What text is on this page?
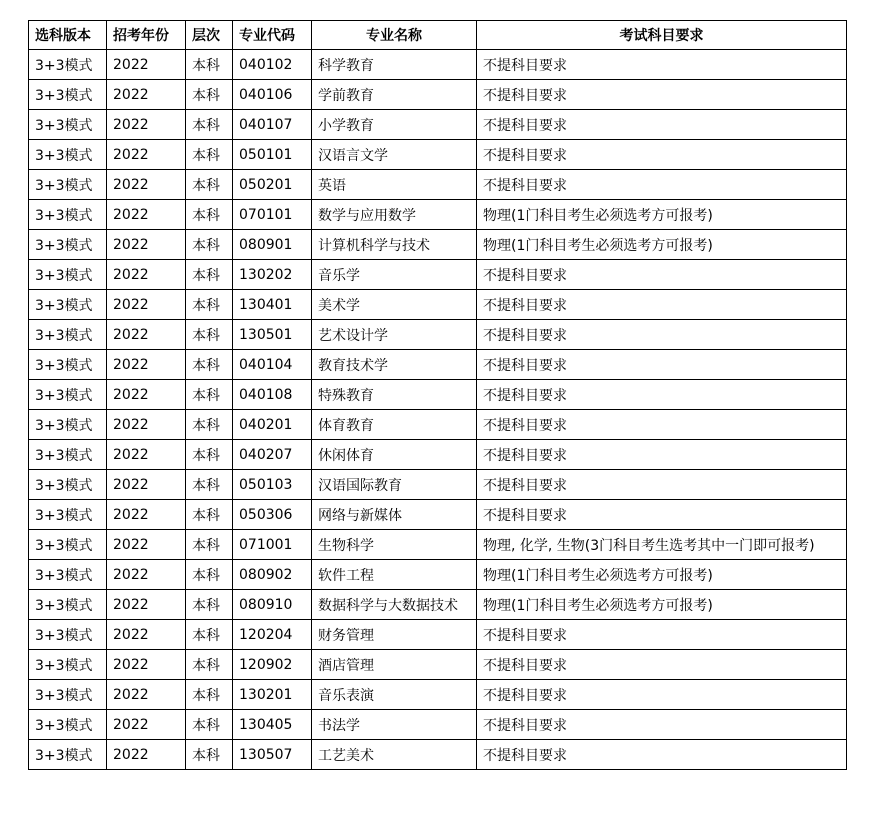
选科版本	招考年份	层次	专业代码	专业名称	考试科目要求
3+3模式	2022	本科	040102	科学教育	不提科目要求
3+3模式	2022	本科	040106	学前教育	不提科目要求
3+3模式	2022	本科	040107	小学教育	不提科目要求
3+3模式	2022	本科	050101	汉语言文学	不提科目要求
3+3模式	2022	本科	050201	英语	不提科目要求
3+3模式	2022	本科	070101	数学与应用数学	物理(1门科目考生必须选考方可报考)
3+3模式	2022	本科	080901	计算机科学与技术	物理(1门科目考生必须选考方可报考)
3+3模式	2022	本科	130202	音乐学	不提科目要求
3+3模式	2022	本科	130401	美术学	不提科目要求
3+3模式	2022	本科	130501	艺术设计学	不提科目要求
3+3模式	2022	本科	040104	教育技术学	不提科目要求
3+3模式	2022	本科	040108	特殊教育	不提科目要求
3+3模式	2022	本科	040201	体育教育	不提科目要求
3+3模式	2022	本科	040207	休闲体育	不提科目要求
3+3模式	2022	本科	050103	汉语国际教育	不提科目要求
3+3模式	2022	本科	050306	网络与新媒体	不提科目要求
3+3模式	2022	本科	071001	生物科学	物理, 化学, 生物(3门科目考生选考其中一门即可报考)
3+3模式	2022	本科	080902	软件工程	物理(1门科目考生必须选考方可报考)
3+3模式	2022	本科	080910	数据科学与大数据技术	物理(1门科目考生必须选考方可报考)
3+3模式	2022	本科	120204	财务管理	不提科目要求
3+3模式	2022	本科	120902	酒店管理	不提科目要求
3+3模式	2022	本科	130201	音乐表演	不提科目要求
3+3模式	2022	本科	130405	书法学	不提科目要求
3+3模式	2022	本科	130507	工艺美术	不提科目要求
